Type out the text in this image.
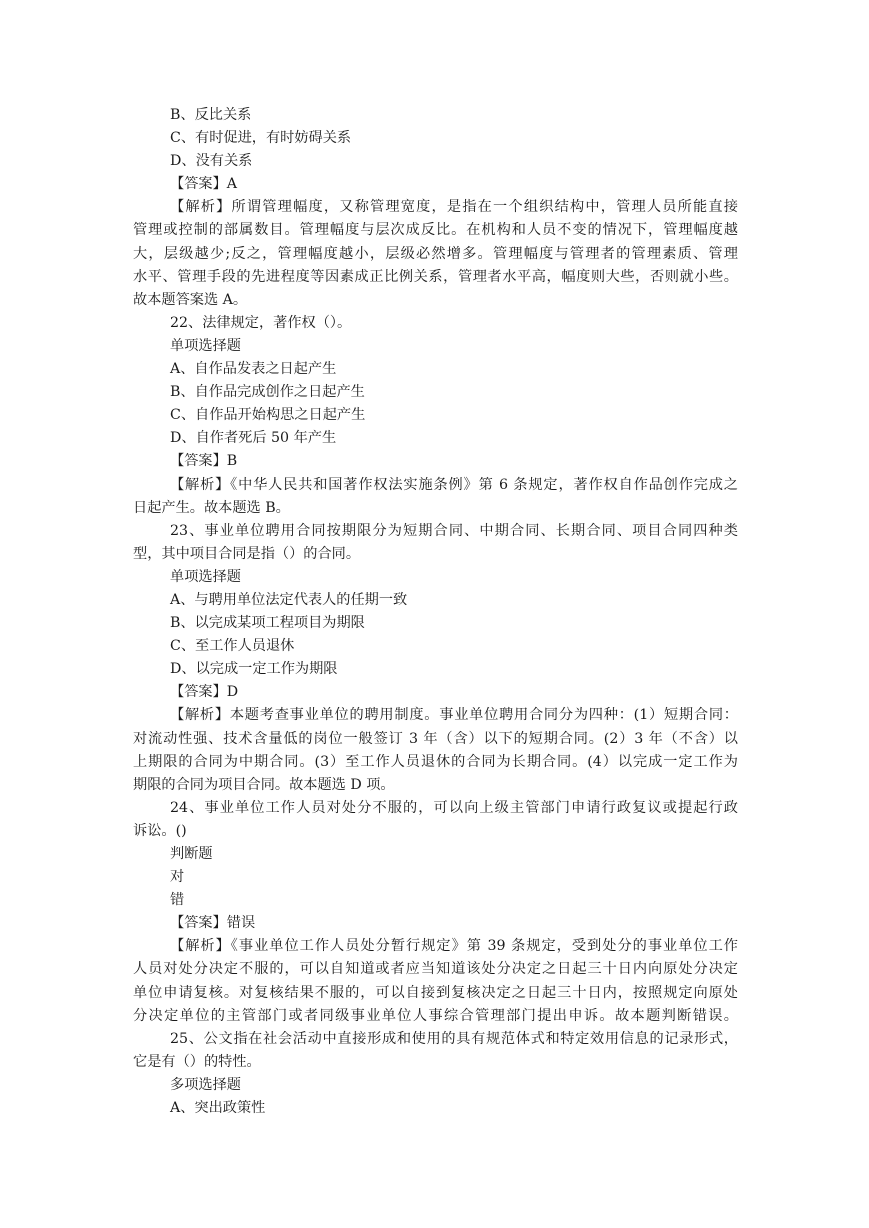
B、反比关系
C、有时促进，有时妨碍关系
D、没有关系
【答案】A
【解析】所谓管理幅度，又称管理宽度，是指在一个组织结构中，管理人员所能直接
管理或控制的部属数目。管理幅度与层次成反比。在机构和人员不变的情况下，管理幅度越
大，层级越少;反之，管理幅度越小，层级必然增多。管理幅度与管理者的管理素质、管理
水平、管理手段的先进程度等因素成正比例关系，管理者水平高，幅度则大些，否则就小些。
故本题答案选 A。
22、法律规定，著作权（）。
单项选择题
A、自作品发表之日起产生
B、自作品完成创作之日起产生
C、自作品开始构思之日起产生
D、自作者死后 50 年产生
【答案】B
【解析】《中华人民共和国著作权法实施条例》第 6 条规定，著作权自作品创作完成之
日起产生。故本题选 B。
23、事业单位聘用合同按期限分为短期合同、中期合同、长期合同、项目合同四种类
型，其中项目合同是指（）的合同。
单项选择题
A、与聘用单位法定代表人的任期一致
B、以完成某项工程项目为期限
C、至工作人员退休
D、以完成一定工作为期限
【答案】D
【解析】本题考查事业单位的聘用制度。事业单位聘用合同分为四种：(1）短期合同：
对流动性强、技术含量低的岗位一般签订 3 年（含）以下的短期合同。(2）3 年（不含）以
上期限的合同为中期合同。(3）至工作人员退休的合同为长期合同。(4）以完成一定工作为
期限的合同为项目合同。故本题选 D 项。
24、事业单位工作人员对处分不服的，可以向上级主管部门申请行政复议或提起行政
诉讼。()
判断题
对
错
【答案】错误
【解析】《事业单位工作人员处分暂行规定》第 39 条规定，受到处分的事业单位工作
人员对处分决定不服的，可以自知道或者应当知道该处分决定之日起三十日内向原处分决定
单位申请复核。对复核结果不服的，可以自接到复核决定之日起三十日内，按照规定向原处
分决定单位的主管部门或者同级事业单位人事综合管理部门提出申诉。故本题判断错误。
25、公文指在社会活动中直接形成和使用的具有规范体式和特定效用信息的记录形式，
它是有（）的特性。
多项选择题
A、突出政策性
